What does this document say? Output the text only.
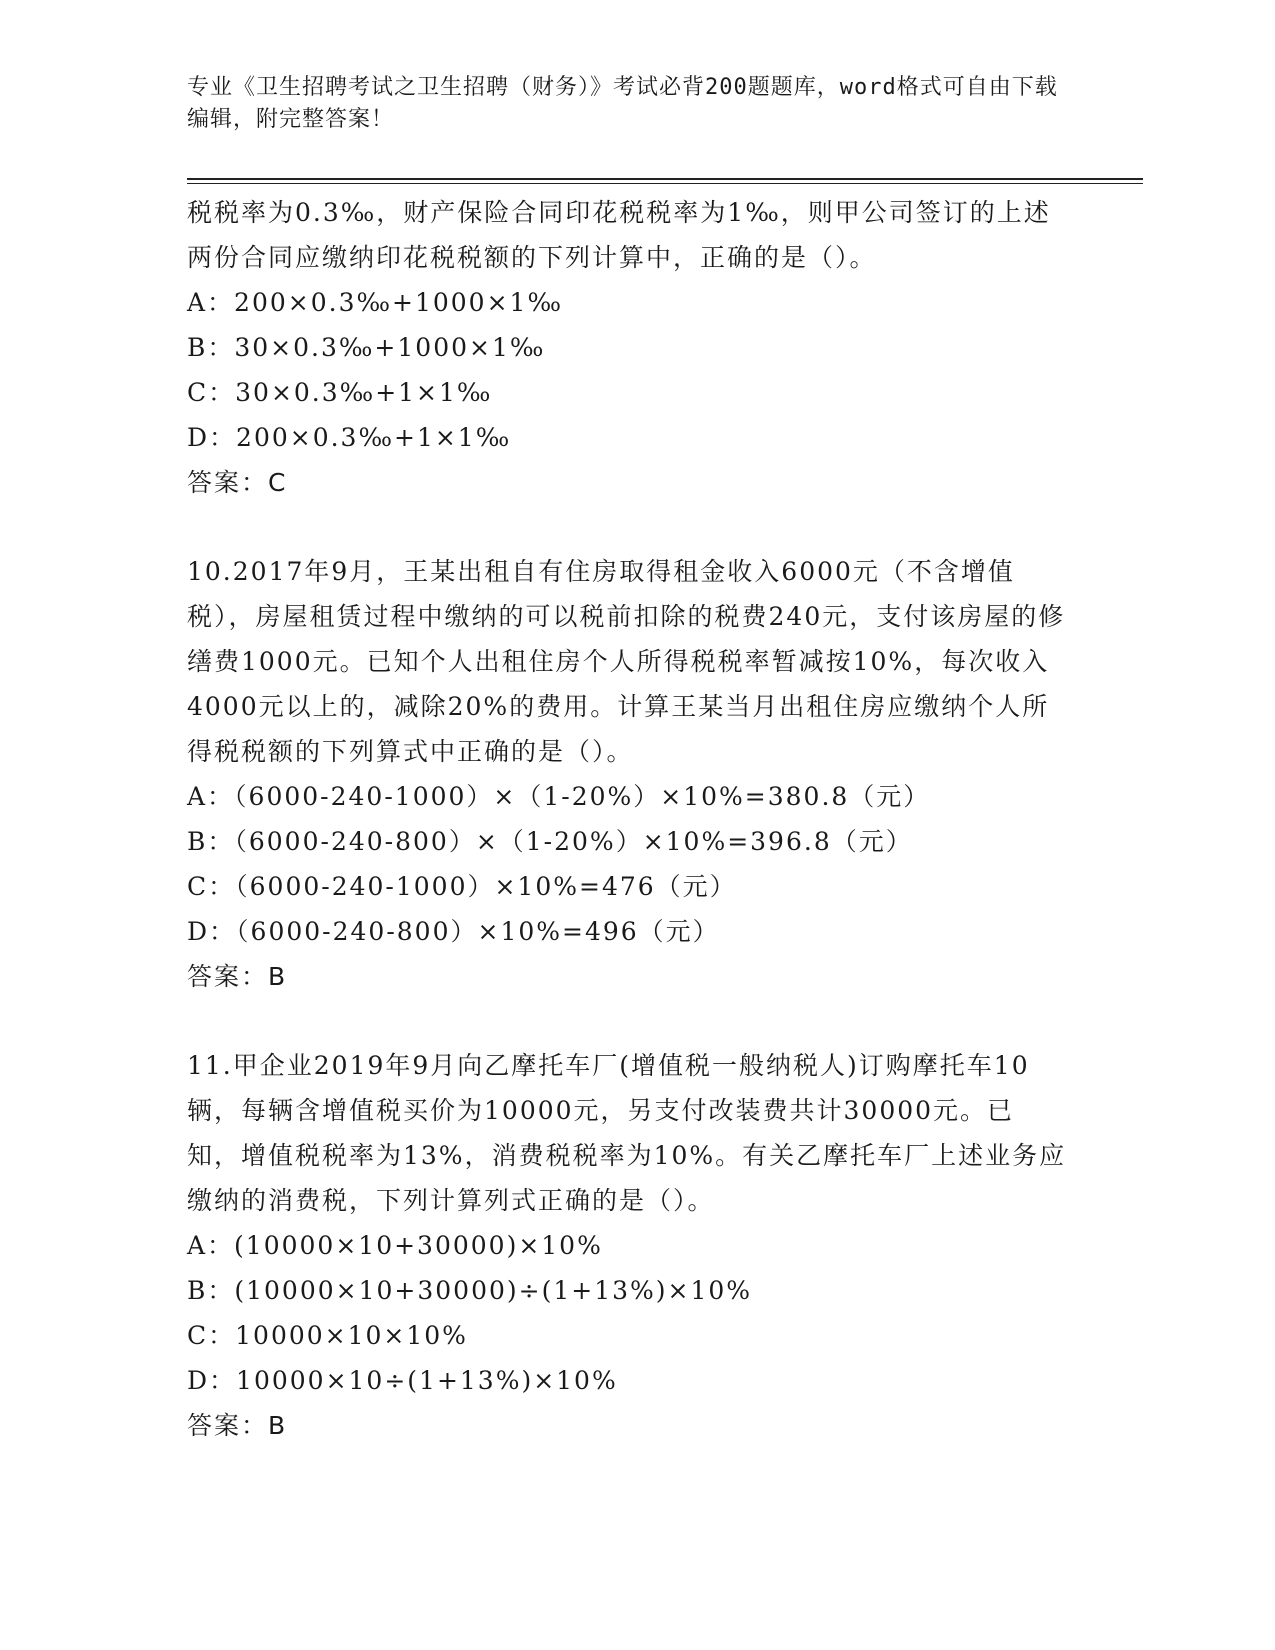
专业《卫生招聘考试之卫生招聘（财务）》考试必背200题题库，word格式可自由下载编辑，附完整答案！

税税率为0.3‰，财产保险合同印花税税率为1‰，则甲公司签订的上述两份合同应缴纳印花税税额的下列计算中，正确的是（）。

A：200×0.3‰+1000×1‰

B：30×0.3‰+1000×1‰

C：30×0.3‰+1×1‰

D：200×0.3‰+1×1‰

答案：C

10.2017年9月，王某出租自有住房取得租金收入6000元（不含增值税），房屋租赁过程中缴纳的可以税前扣除的税费240元，支付该房屋的修缮费1000元。已知个人出租住房个人所得税税率暂减按10%，每次收入4000元以上的，减除20%的费用。计算王某当月出租住房应缴纳个人所得税税额的下列算式中正确的是（）。

A：（6000-240-1000）×（1-20%）×10%=380.8（元）

B：（6000-240-800）×（1-20%）×10%=396.8（元）

C：（6000-240-1000）×10%=476（元）

D：（6000-240-800）×10%=496（元）

答案：B

11.甲企业2019年9月向乙摩托车厂(增值税一般纳税人)订购摩托车10辆，每辆含增值税买价为10000元，另支付改装费共计30000元。已知，增值税税率为13%，消费税税率为10%。有关乙摩托车厂上述业务应缴纳的消费税，下列计算列式正确的是（）。

A：(10000×10+30000)×10%

B：(10000×10+30000)÷(1+13%)×10%

C：10000×10×10%

D：10000×10÷(1+13%)×10%

答案：B
